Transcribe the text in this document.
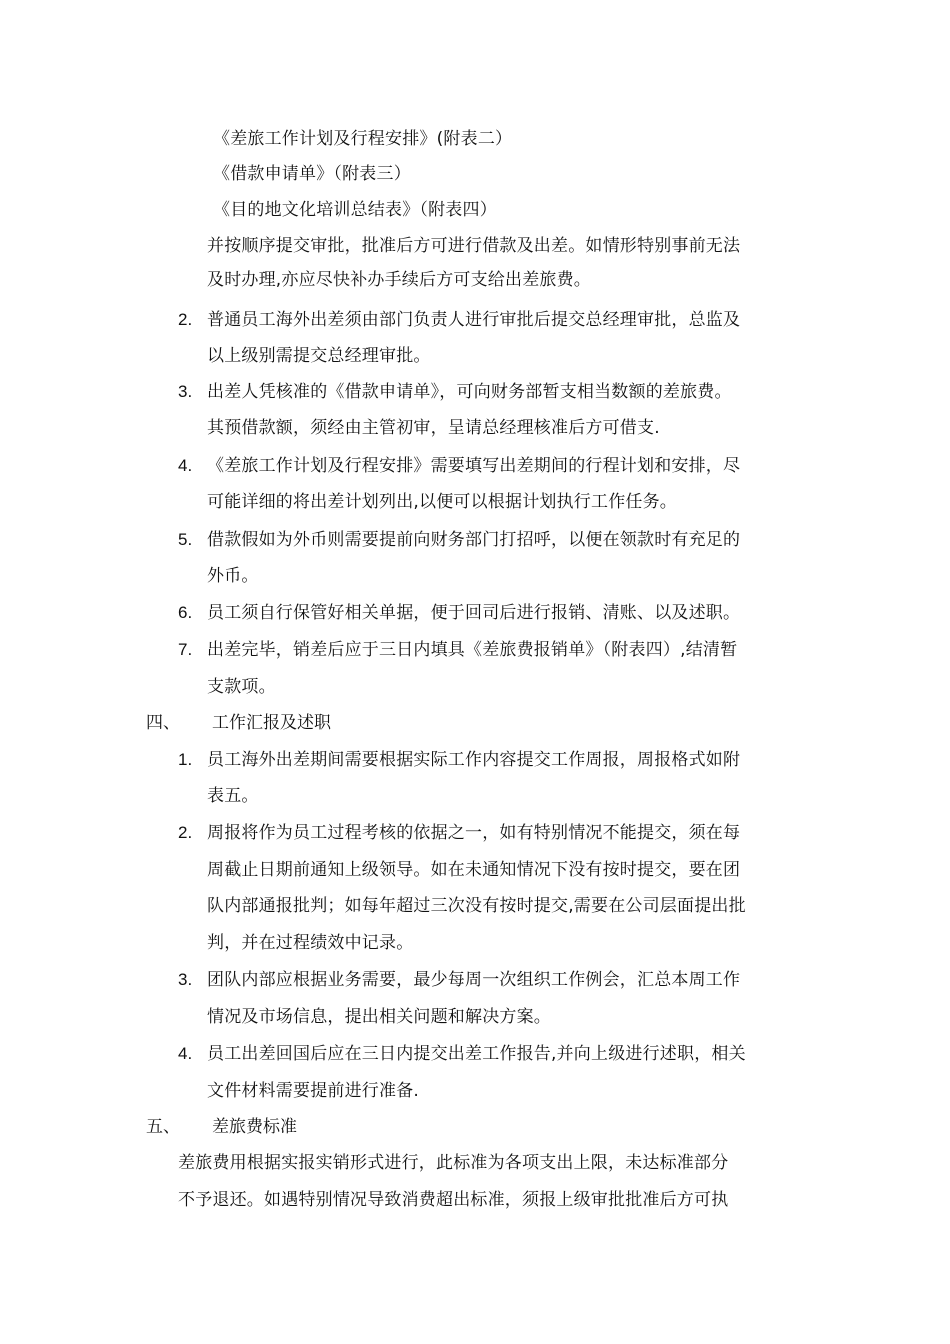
《差旅工作计划及行程安排》(附表二）
《借款申请单》（附表三）
《目的地文化培训总结表》（附表四）
并按顺序提交审批，批准后方可进行借款及出差。如情形特别事前无法
及时办理,亦应尽快补办手续后方可支给出差旅费。
2. 普通员工海外出差须由部门负责人进行审批后提交总经理审批，总监及
以上级别需提交总经理审批。
3. 出差人凭核准的《借款申请单》，可向财务部暂支相当数额的差旅费。
其预借款额，须经由主管初审，呈请总经理核准后方可借支.
4. 《差旅工作计划及行程安排》需要填写出差期间的行程计划和安排，尽
可能详细的将出差计划列出,以便可以根据计划执行工作任务。
5. 借款假如为外币则需要提前向财务部门打招呼，以便在领款时有充足的
外币。
6. 员工须自行保管好相关单据，便于回司后进行报销、清账、以及述职。
7. 出差完毕，销差后应于三日内填具《差旅费报销单》（附表四）,结清暂
支款项。
四、 工作汇报及述职
1. 员工海外出差期间需要根据实际工作内容提交工作周报，周报格式如附
表五。
2. 周报将作为员工过程考核的依据之一，如有特别情况不能提交，须在每
周截止日期前通知上级领导。如在未通知情况下没有按时提交，要在团
队内部通报批判；如每年超过三次没有按时提交,需要在公司层面提出批
判，并在过程绩效中记录。
3. 团队内部应根据业务需要，最少每周一次组织工作例会，汇总本周工作
情况及市场信息，提出相关问题和解决方案。
4. 员工出差回国后应在三日内提交出差工作报告,并向上级进行述职，相关
文件材料需要提前进行准备.
五、 差旅费标准
差旅费用根据实报实销形式进行，此标准为各项支出上限，未达标准部分
不予退还。如遇特别情况导致消费超出标准，须报上级审批批准后方可执
